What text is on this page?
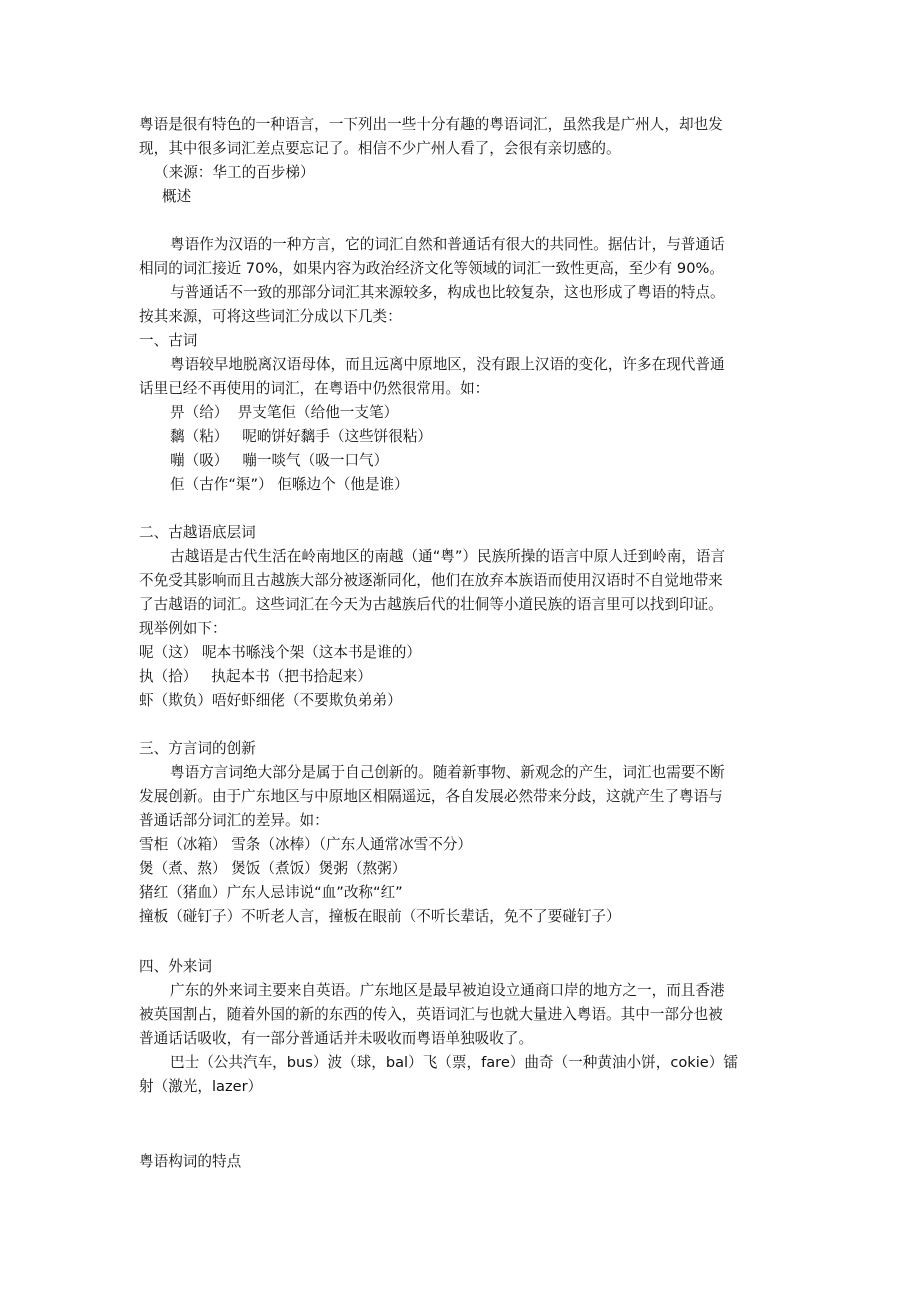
粤语是很有特色的一种语言，一下列出一些十分有趣的粤语词汇，虽然我是广州人，却也发
现，其中很多词汇差点要忘记了。相信不少广州人看了，会很有亲切感的。
（来源：华工的百步梯）
概述
粤语作为汉语的一种方言，它的词汇自然和普通话有很大的共同性。据估计，与普通话
相同的词汇接近 70%，如果内容为政治经济文化等领域的词汇一致性更高，至少有 90%。
与普通话不一致的那部分词汇其来源较多，构成也比较复杂，这也形成了粤语的特点。
按其来源，可将这些词汇分成以下几类：
一、古词
粤语较早地脱离汉语母体，而且远离中原地区，没有跟上汉语的变化，许多在现代普通
话里已经不再使用的词汇，在粤语中仍然很常用。如：
畀（给）  畀支笔佢（给他一支笔）
黐（粘）   呢啲饼好黐手（这些饼很粘）
嘣（吸）   嘣一啖气（吸一口气）
佢（古作“渠”） 佢喺边个（他是谁）
二、古越语底层词
古越语是古代生活在岭南地区的南越（通“粤”）民族所操的语言中原人迁到岭南，语言
不免受其影响而且古越族大部分被逐渐同化，他们在放弃本族语而使用汉语时不自觉地带来
了古越语的词汇。这些词汇在今天为古越族后代的壮侗等小道民族的语言里可以找到印证。
现举例如下：
呢（这） 呢本书喺浅个架（这本书是谁的）
执（拾）   执起本书（把书拾起来）
虾（欺负）唔好虾细佬（不要欺负弟弟）
三、方言词的创新
粤语方言词绝大部分是属于自己创新的。随着新事物、新观念的产生，词汇也需要不断
发展创新。由于广东地区与中原地区相隔遥远，各自发展必然带来分歧，这就产生了粤语与
普通话部分词汇的差异。如：
雪柜（冰箱） 雪条（冰棒）（广东人通常冰雪不分）
煲（煮、熬） 煲饭（煮饭）煲粥（熬粥）
猪红（猪血）广东人忌讳说“血”改称“红”
撞板（碰钉子）不听老人言，撞板在眼前（不听长辈话，免不了要碰钉子）
四、外来词
广东的外来词主要来自英语。广东地区是最早被迫设立通商口岸的地方之一，而且香港
被英国割占，随着外国的新的东西的传入，英语词汇与也就大量进入粤语。其中一部分也被
普通话话吸收，有一部分普通话并未吸收而粤语单独吸收了。
巴士（公共汽车，bus）波（球，bal）飞（票，fare）曲奇（一种黄油小饼，cokie）镭
射（激光，lazer）
粤语构词的特点
